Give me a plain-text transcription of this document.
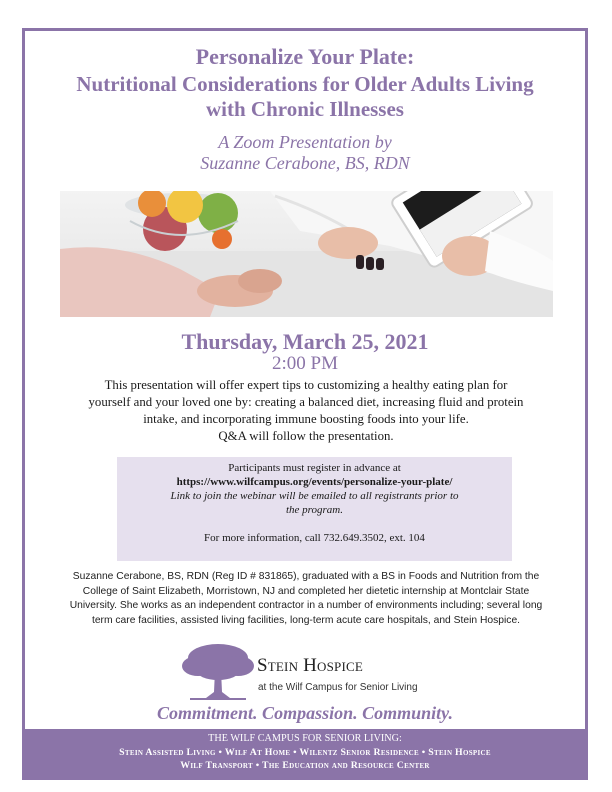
Personalize Your Plate:
Nutritional Considerations for Older Adults Living
with Chronic Illnesses
A Zoom Presentation by
Suzanne Cerabone, BS, RDN
Thursday, March 25, 2021
2:00 PM
This presentation will offer expert tips to customizing a healthy eating plan for
yourself and your loved one by: creating a balanced diet, increasing fluid and protein
intake, and incorporating immune boosting foods into your life.
Q&A will follow the presentation.
Participants must register in advance at
https://www.wilfcampus.org/events/personalize-your-plate/
Link to join the webinar will be emailed to all registrants prior to
the program.
For more information, call 732.649.3502, ext. 104
Suzanne Cerabone, BS, RDN (Reg ID # 831865), graduated with a BS in Foods and Nutrition from the
College of Saint Elizabeth, Morristown, NJ and completed her dietetic internship at Montclair State
University. She works as an independent contractor in a number of environments including; several long
term care facilities, assisted living facilities, long-term acute care hospitals, and Stein Hospice.
Stein Hospice
at the Wilf Campus for Senior Living
Commitment. Compassion. Community.
THE WILF CAMPUS FOR SENIOR LIVING:
Stein Assisted Living • Wilf At Home • Wilentz Senior Residence • Stein Hospice
Wilf Transport • The Education and Resource Center
